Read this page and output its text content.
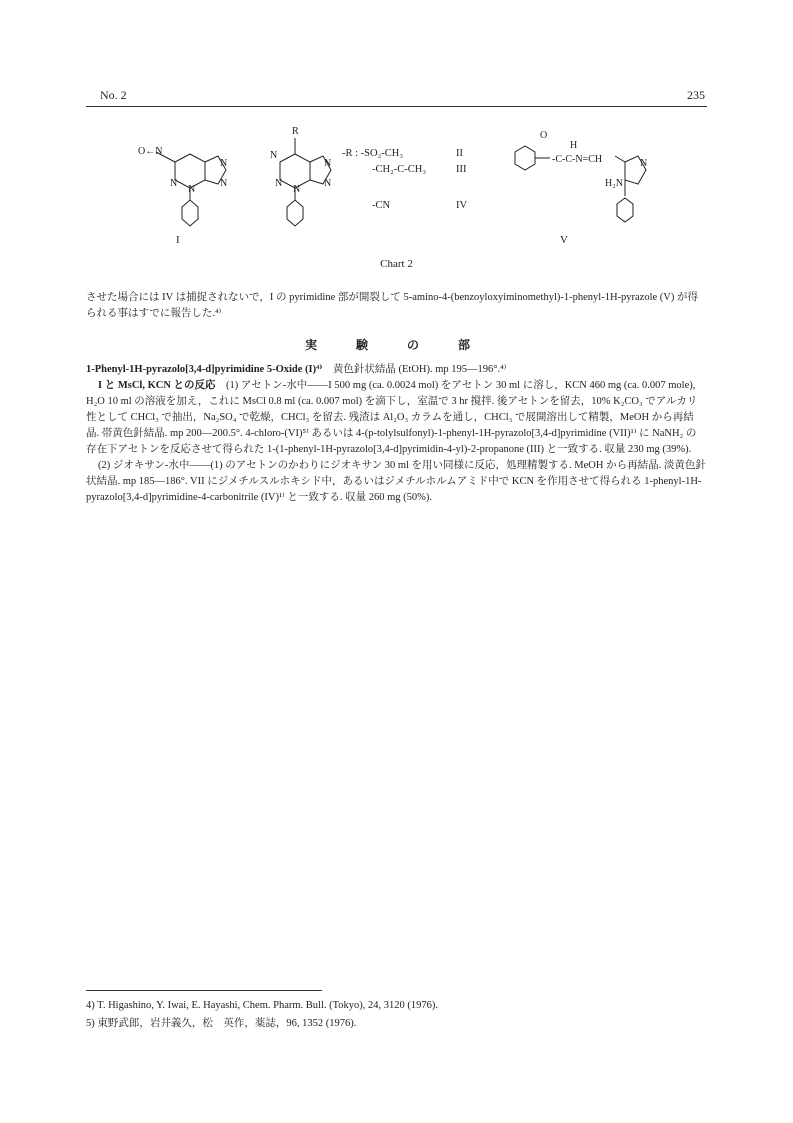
No. 2	235
O←N
N
N
N
N
R
N
N
N
N
N
O
-C-C-N=CH
H
N
H₂N
-R : -SO₂-CH₃	II
-CH₂-C-CH₃	III
-CN	IV
I	V
Chart 2
させた場合には IV は捕捉されないで，I の pyrimidine 部が開裂して 5-amino-4-(benzoyloxyiminomethyl)-1-phenyl-1H-pyrazole (V) が得られる事はすでに報告した.⁴⁾
実 験 の 部
1-Phenyl-1H-pyrazolo[3,4-d]pyrimidine 5-Oxide (I)⁴⁾　黄色針状結晶 (EtOH). mp 195—196°.⁴⁾
I と MsCl, KCN との反応　(1) アセトン-水中——I 500 mg (ca. 0.0024 mol) をアセトン 30 ml に溶し，KCN 460 mg (ca. 0.007 mole), H₂O 10 ml の溶液を加え，これに MsCl 0.8 ml (ca. 0.007 mol) を滴下し，室温で 3 hr 撹拌. 後アセトンを留去，10% K₂CO₃ でアルカリ性として CHCl₃ で抽出，Na₂SO₄ で乾燥，CHCl₃ を留去. 残渣は Al₂O₃ カラムを通し，CHCl₃ で展開溶出して精製，MeOH から再結晶. 帯黄色針結晶. mp 200—200.5°. 4-chloro-(VI)⁵⁾ あるいは 4-(p-tolylsulfonyl)-1-phenyl-1H-pyrazolo[3,4-d]pyrimidine (VII)¹⁾ に NaNH₂ の存在下アセトンを反応させて得られた 1-(1-phenyl-1H-pyrazolo[3,4-d]pyrimidin-4-yl)-2-propanone (III) と一致する. 収量 230 mg (39%).
(2) ジオキサン-水中——(1) のアセトンのかわりにジオキサン 30 ml を用い同様に反応，処理精製する. MeOH から再結晶. 淡黄色針状結晶. mp 185—186°. VII にジメチルスルホキシド中，あるいはジメチルホルムアミド中で KCN を作用させて得られる 1-phenyl-1H-pyrazolo[3,4-d]pyrimidine-4-carbonitrile (IV)¹⁾ と一致する. 収量 260 mg (50%).
4) T. Higashino, Y. Iwai, E. Hayashi, Chem. Pharm. Bull. (Tokyo), 24, 3120 (1976).
5) 東野武郎，岩井義久，松　英作，薬誌，96, 1352 (1976).
